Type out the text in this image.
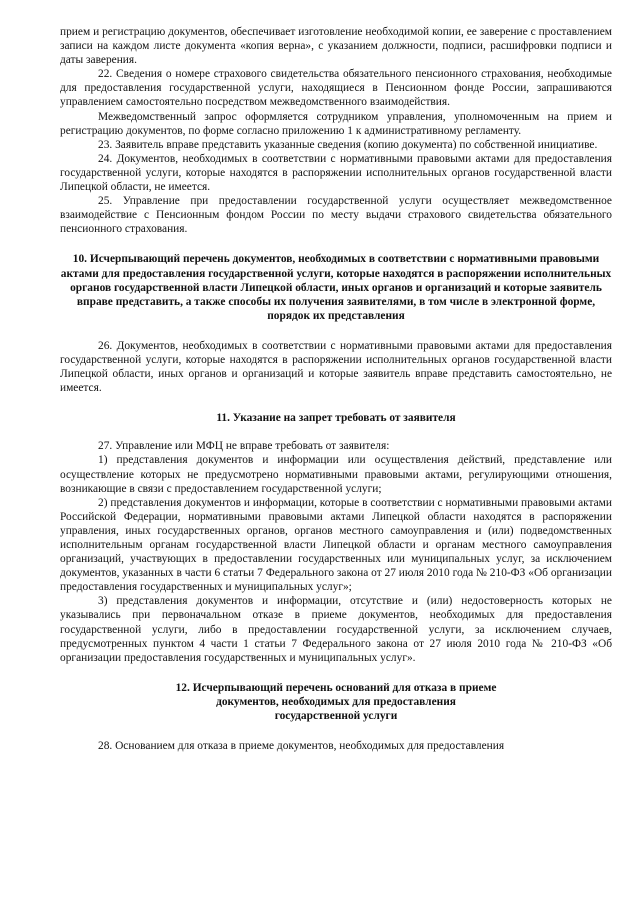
прием и регистрацию документов, обеспечивает изготовление необходимой копии, ее заверение с проставлением записи на каждом листе документа «копия верна», с указанием должности, подписи, расшифровки подписи и даты заверения.

22. Сведения о номере страхового свидетельства обязательного пенсионного страхования, необходимые для предоставления государственной услуги, находящиеся в Пенсионном фонде России, запрашиваются управлением самостоятельно посредством межведомственного взаимодействия.

Межведомственный запрос оформляется сотрудником управления, уполномоченным на прием и регистрацию документов, по форме согласно приложению 1 к административному регламенту.

23. Заявитель вправе представить указанные сведения (копию документа) по собственной инициативе.

24. Документов, необходимых в соответствии с нормативными правовыми актами для предоставления государственной услуги, которые находятся в распоряжении исполнительных органов государственной власти Липецкой области, не имеется.

25. Управление при предоставлении государственной услуги осуществляет межведомственное взаимодействие с Пенсионным фондом России по месту выдачи страхового свидетельства обязательного пенсионного страхования.

10. Исчерпывающий перечень документов, необходимых в соответствии с нормативными правовыми актами для предоставления государственной услуги, которые находятся в распоряжении исполнительных органов государственной власти Липецкой области, иных органов и организаций и которые заявитель вправе представить, а также способы их получения заявителями, в том числе в электронной форме, порядок их представления

26. Документов, необходимых в соответствии с нормативными правовыми актами для предоставления государственной услуги, которые находятся в распоряжении исполнительных органов государственной власти Липецкой области, иных органов и организаций и которые заявитель вправе представить самостоятельно, не имеется.

11. Указание на запрет требовать от заявителя

27. Управление или МФЦ не вправе требовать от заявителя:

1) представления документов и информации или осуществления действий, представление или осуществление которых не предусмотрено нормативными правовыми актами, регулирующими отношения, возникающие в связи с предоставлением государственной услуги;

2) представления документов и информации, которые в соответствии с нормативными правовыми актами Российской Федерации, нормативными правовыми актами Липецкой области находятся в распоряжении управления, иных государственных органов, органов местного самоуправления и (или) подведомственных исполнительным органам государственной власти Липецкой области и органам местного самоуправления организаций, участвующих в предоставлении государственных или муниципальных услуг, за исключением документов, указанных в части 6 статьи 7 Федерального закона от 27 июля 2010 года № 210-ФЗ «Об организации предоставления государственных и муниципальных услуг»;

3) представления документов и информации, отсутствие и (или) недостоверность которых не указывались при первоначальном отказе в приеме документов, необходимых для предоставления государственной услуги, либо в предоставлении государственной услуги, за исключением случаев, предусмотренных пунктом 4 части 1 статьи 7 Федерального закона от 27 июля 2010 года № 210-ФЗ «Об организации предоставления государственных и муниципальных услуг».

12. Исчерпывающий перечень оснований для отказа в приеме

документов, необходимых для предоставления

государственной услуги

28. Основанием для отказа в приеме документов, необходимых для предоставления
